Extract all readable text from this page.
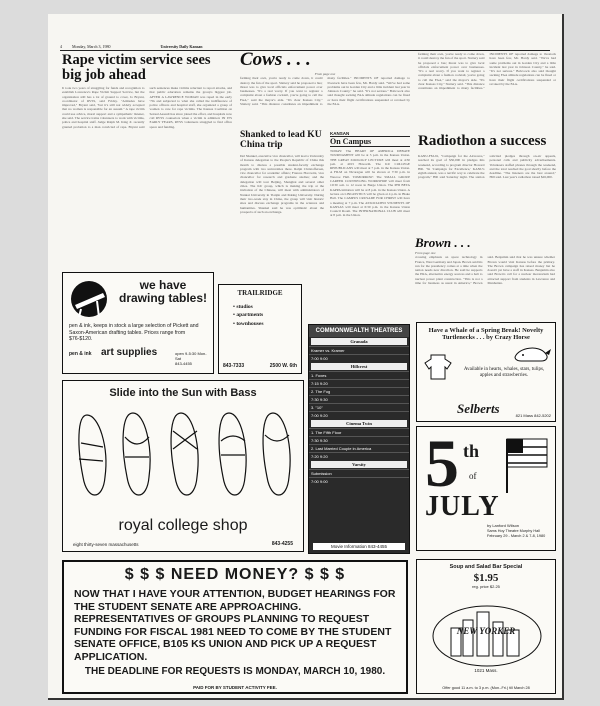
4	Monday, March 3, 1980	University Daily Kansan
Rape victim service sees big job ahead
It took two years of struggling for funds and recognition to establish Lawrence's Rape Victim Support Service, but the organization still has a lot of ground to cover, Jo Bryant, coordinator of RVSS, said Friday. "Attitudes have improved," Bryant said, "but it's still not widely accepted that no woman is responsible for an assault." A rape victim could use advice, moral support and a sympathetic listener, she said. The service trains volunteers to work with victims, police and hospital staff. Judge Ralph M. King Jr. recently granted probation to a man convicted of rape. Bryant said such sentences make victims reluctant to report attacks, and that public education remains the group's biggest job. AFTER A LAWRENCE WOMAN was raped in the early '70s and subjected to what she called the indifference of police officers and hospital staff, she organized a group of women to care for rape victims. The Kansas Coalition on Sexual Assault has since joined the effort, and hospitals now call RVSS counselors when a victim is admitted. IN ITS EARLY YEARS, RVSS volunteers struggled to find office space and funding.
Cows . . .
From page one
farming their own, you're ready to come down, it could destroy the fun of the sport. Slattery said he proposed a bus; threat was to give local officials enforcement power over businesses. "It's a real worry. If you want to register a complaint about a fashion cocktail, you're going to call the FAA," said the mayor's aide. "It's clear Kansas City," Slattery said. "This distance constitutes an impediment to many facilities." INCIDENTS OF reported damage to livestock have been few, Mr. Hardy said. "We've had some problems out in Garden City and a little incident last year in Johnson County," he said. "It's not serious." Babcoock also said thought sacking FAA altitude regulations can be fined or have their flight certifications suspended or revoked by the FAA.
Shanked to lead KU China trip
Del Shankel, executive vice chancellor, will lead a University of Kansas delegation to the People's Republic of China this month to discuss a possible student-faculty exchange program with two universities there. Ralph Christoffersen, vice chancellor for academic affairs; Frances Horowitz, vice chancellor for research and graduate studies; and the delegation will tour Beijing, Shanghai and several other cities. The KU group, which is making the trip at the invitation of the Chinese, will meet with administrators of Nankai University in Tianjin and Peking University. During their two-week stay in China, the group will visit historic sites and discuss exchange programs in the sciences and humanities. Shankel said he was optimistic about the prospects of such an exchange.
KANSAN
On Campus
TODAY: The HEART OF AMERICA DEBATE TOURNAMENT will be at 3 p.m. in the Kansas Union. THE GREAT ZOOLOGY LECTURE will meet at 4:30 p.m. at 4015 Haworth. The KU COLLEGE REPUBLICANS will meet at 7 p.m. in the Kansas Union. A FILM on Nicaragua will be shown at 7:30 p.m. in Wescoe Hall. TOMORROW: The SMALL GROUP CAREER COUNSELING WORKSHOP will meet from 10:30 a.m. to 12 noon in Burge Union. The PHI BETA KAPPA initiation will be at 8 p.m. in the Kansas Union. A lecture on LINGUISTICS will be given at 4 p.m. in Blake Hall. The CAMPUS CRUSADE FOR CHRIST will have a meeting at 7 p.m. The ASSOCIATED STUDENTS OF KANSAS will meet at 6:30 p.m. in the Kansas Union Council Room. The INTERNATIONAL CLUB will meet at 8 p.m. in the Union.
Radiothon a success
KANU-FM-91, "Campaign for the Airwaves," reached its goal of $30,000 in pledges this weekend, according to program director Howard Hill. "In 'Campaign for Excellence,' KANU's eighth annual, was a terrific way to celebrate the program," Hill said Saturday night. The station solicited pledges through on-air appeals, personal calls and publicity advertisements. Volunteers staffed phones through the weekend, and the total reached the goal shortly before the deadline. "The listeners are the best around," Hill said. Last year's radiothon raised $26,000.
farming their own, you're ready to come down, it could destroy the fun of the sport. Slattery said he proposed a bus; threat was to give local officials enforcement power over businesses. "It's a real worry. If you want to register a complaint about a fashion cocktail, you're going to call the FAA," said the mayor's aide. "It's clear Kansas City," Slattery said. "This distance constitutes an impediment to many facilities." INCIDENTS OF reported damage to livestock have been few, Mr. Hardy said. "We've had some problems out in Garden City and a little incident last year in Johnson County," he said. "It's not serious." Babcoock also said thought sacking FAA altitude regulations can be fined or have their flight certifications suspended or revoked by the FAA.
Brown . . .
From page one
crossing emphasis on space technology in France, West Germany and Japan. Brown said his run for the presidency comes at a time when the nation needs new direction. He said he supports the ERA, alternative energy sources and a halt to nuclear power plant construction. "This is not a time for business as usual in America," Brown said. Benjamin said that he was unsure whether Brown would visit Kansas before the primary. The Brown campaign has raised money but he doesn't yet have a staff in Kansas. Benjamin also said Brown's call for a nuclear moratorium had attracted support from students in Lawrence and Manhattan.
we have drawing tables!
pen & ink, keeps in stock a large selection of Pickett and Saxon-American drafting tables. Prices range from $76-$120.
pen & ink art supplies	open 9-5:30 Mon-Sat
843-4455
TRAILRIDGE
• studios
• apartments
• townhouses
843-7333	2500 W. 6th
Slide into the Sun with Bass
royal college shop
eight thirty-seven massachusetts	843-4255
COMMONWEALTH THEATRES
Granada
Kramer vs. Kramer
7:00 9:00
Hillcrest
1. Foxes
7:15 9:20
2. The Fog
7:30 9:30
3. "10"
7:00 9:20
Cinema Twin
1. The Fifth Floor
7:30 9:30
2. Last Married Couple in America
7:20 9:20
Varsity
Submission
7:00 9:00
Movie Information 843-4455
Have a Whale of a Spring Break! Novelty Turtlenecks . . . by Crazy Horse
Available in hearts, whales, stars, tulips, apples and strawberries.
Selberts	821 Mass 842-5202
5 th
of
JULY
by Lanford Wilson
Sams Hoy Theatre Murphy Hall February 29 - March 2 & 7-8, 1980
$ $ $ NEED MONEY? $ $ $
NOW THAT I HAVE YOUR ATTENTION, BUDGET HEARINGS FOR THE STUDENT SENATE ARE APPROACHING. REPRESENTATIVES OF GROUPS PLANNING TO REQUEST FUNDING FOR FISCAL 1981 NEED TO COME BY THE STUDENT SENATE OFFICE, B105 KS UNION AND PICK UP A REQUEST APPLICATION.
THE DEADLINE FOR REQUESTS IS MONDAY, MARCH 10, 1980.
PAID FOR BY STUDENT ACTIVITY FEE.
Soup and Salad Bar Special
$1.95
reg. price $2.25
NEW YORKER
1021 Mass.
Offer good 11 a.m. to 3 p.m. (Mon.-Fri.) till March 28
